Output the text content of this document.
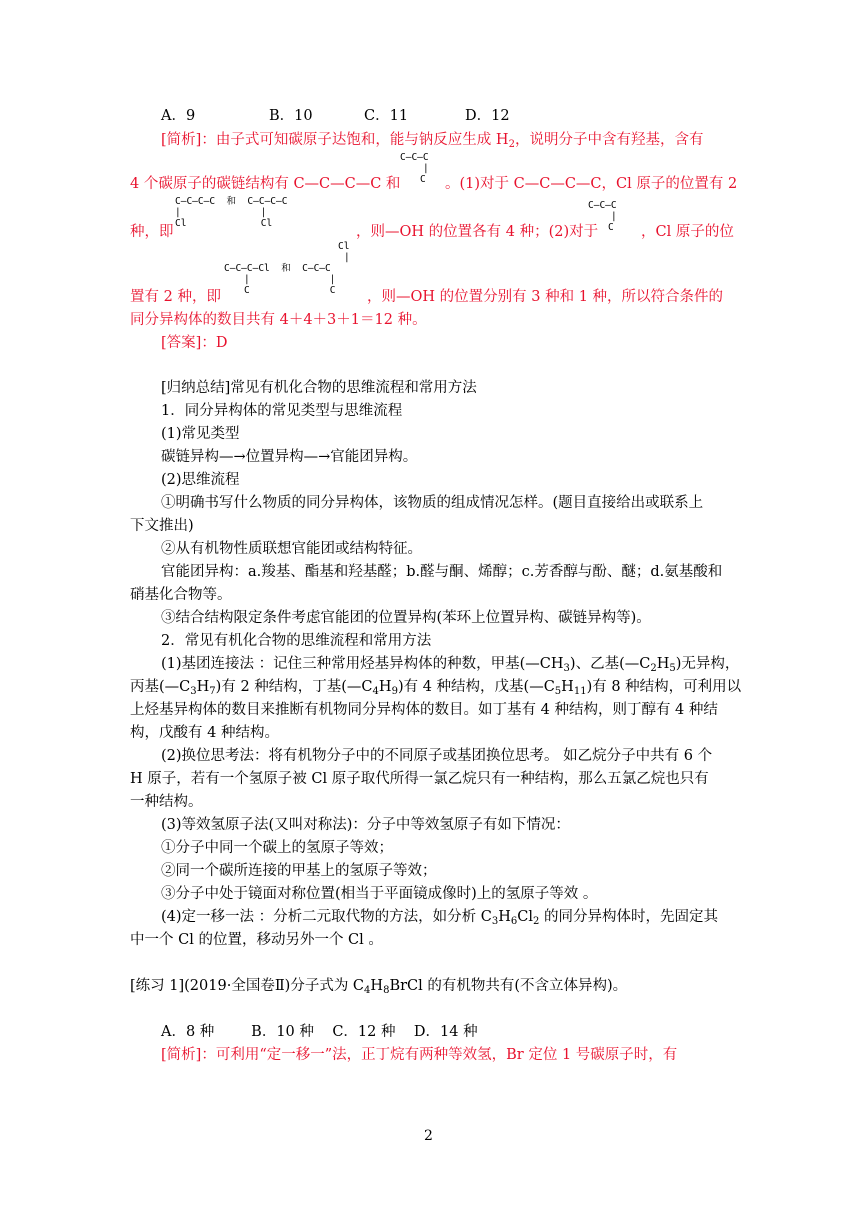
A．9	B．10	C．11	D．12
[简析]：由子式可知碳原子达饱和，能与钠反应生成 $H_2$，说明分子中含有羟基，含有
C—C—C
|
C
4 个碳原子的碳链结构有 C—C—C—C 和	。(1)对于 C—C—C—C，Cl 原子的位置有 2
C—C—C—C  和  C—C—C—C
|              |
Cl             Cl
C—C—C
|
C
种，即	，则—OH 的位置各有 4 种；(2)对于	，Cl 原子的位
Cl
|
C—C—C—Cl  和  C—C—C
|              |
C              C
置有 2 种，即	，则—OH 的位置分别有 3 种和 1 种，所以符合条件的
同分异构体的数目共有 4＋4＋3＋1＝12 种。
[答案]：D
[归纳总结]常见有机化合物的思维流程和常用方法
1．同分异构体的常见类型与思维流程
(1)常见类型
碳链异构—→位置异构—→官能团异构。
(2)思维流程
①明确书写什么物质的同分异构体，该物质的组成情况怎样。(题目直接给出或联系上
下文推出)
②从有机物性质联想官能团或结构特征。
官能团异构：a.羧基、酯基和羟基醛；b.醛与酮、烯醇；c.芳香醇与酚、醚；d.氨基酸和
硝基化合物等。
③结合结构限定条件考虑官能团的位置异构(苯环上位置异构、碳链异构等)。
2．常见有机化合物的思维流程和常用方法
(1)基团连接法 ：记住三种常用烃基异构体的种数，甲基$(—CH_3)$、乙基$(—C_2H_5)$无异构，
丙基$(—C_3H_7)$有 2 种结构，丁基$(—C_4H_9)$有 4 种结构，戊基$(—C_5H_{11})$有 8 种结构，可利用以
上烃基异构体的数目来推断有机物同分异构体的数目。如丁基有 4 种结构，则丁醇有 4 种结
构，戊酸有 4 种结构。
(2)换位思考法：将有机物分子中的不同原子或基团换位思考。 如乙烷分子中共有 6 个
H 原子，若有一个氢原子被 Cl 原子取代所得一氯乙烷只有一种结构，那么五氯乙烷也只有
一种结构。
(3)等效氢原子法(又叫对称法)：分子中等效氢原子有如下情况：
①分子中同一个碳上的氢原子等效；
②同一个碳所连接的甲基上的氢原子等效；
③分子中处于镜面对称位置(相当于平面镜成像时)上的氢原子等效 。
(4)定一移一法 ：分析二元取代物的方法，如分析 $C_3H_6Cl_2$ 的同分异构体时，先固定其
中一个 Cl 的位置，移动另外一个 Cl 。
[练习 1](2019·全国卷Ⅱ)分子式为 $C_4H_8BrCl$ 的有机物共有(不含立体异构)。
A．8 种        B．10 种    C．12 种    D．14 种
[简析]：可利用“定一移一”法，正丁烷有两种等效氢，Br 定位 1 号碳原子时，有
2
